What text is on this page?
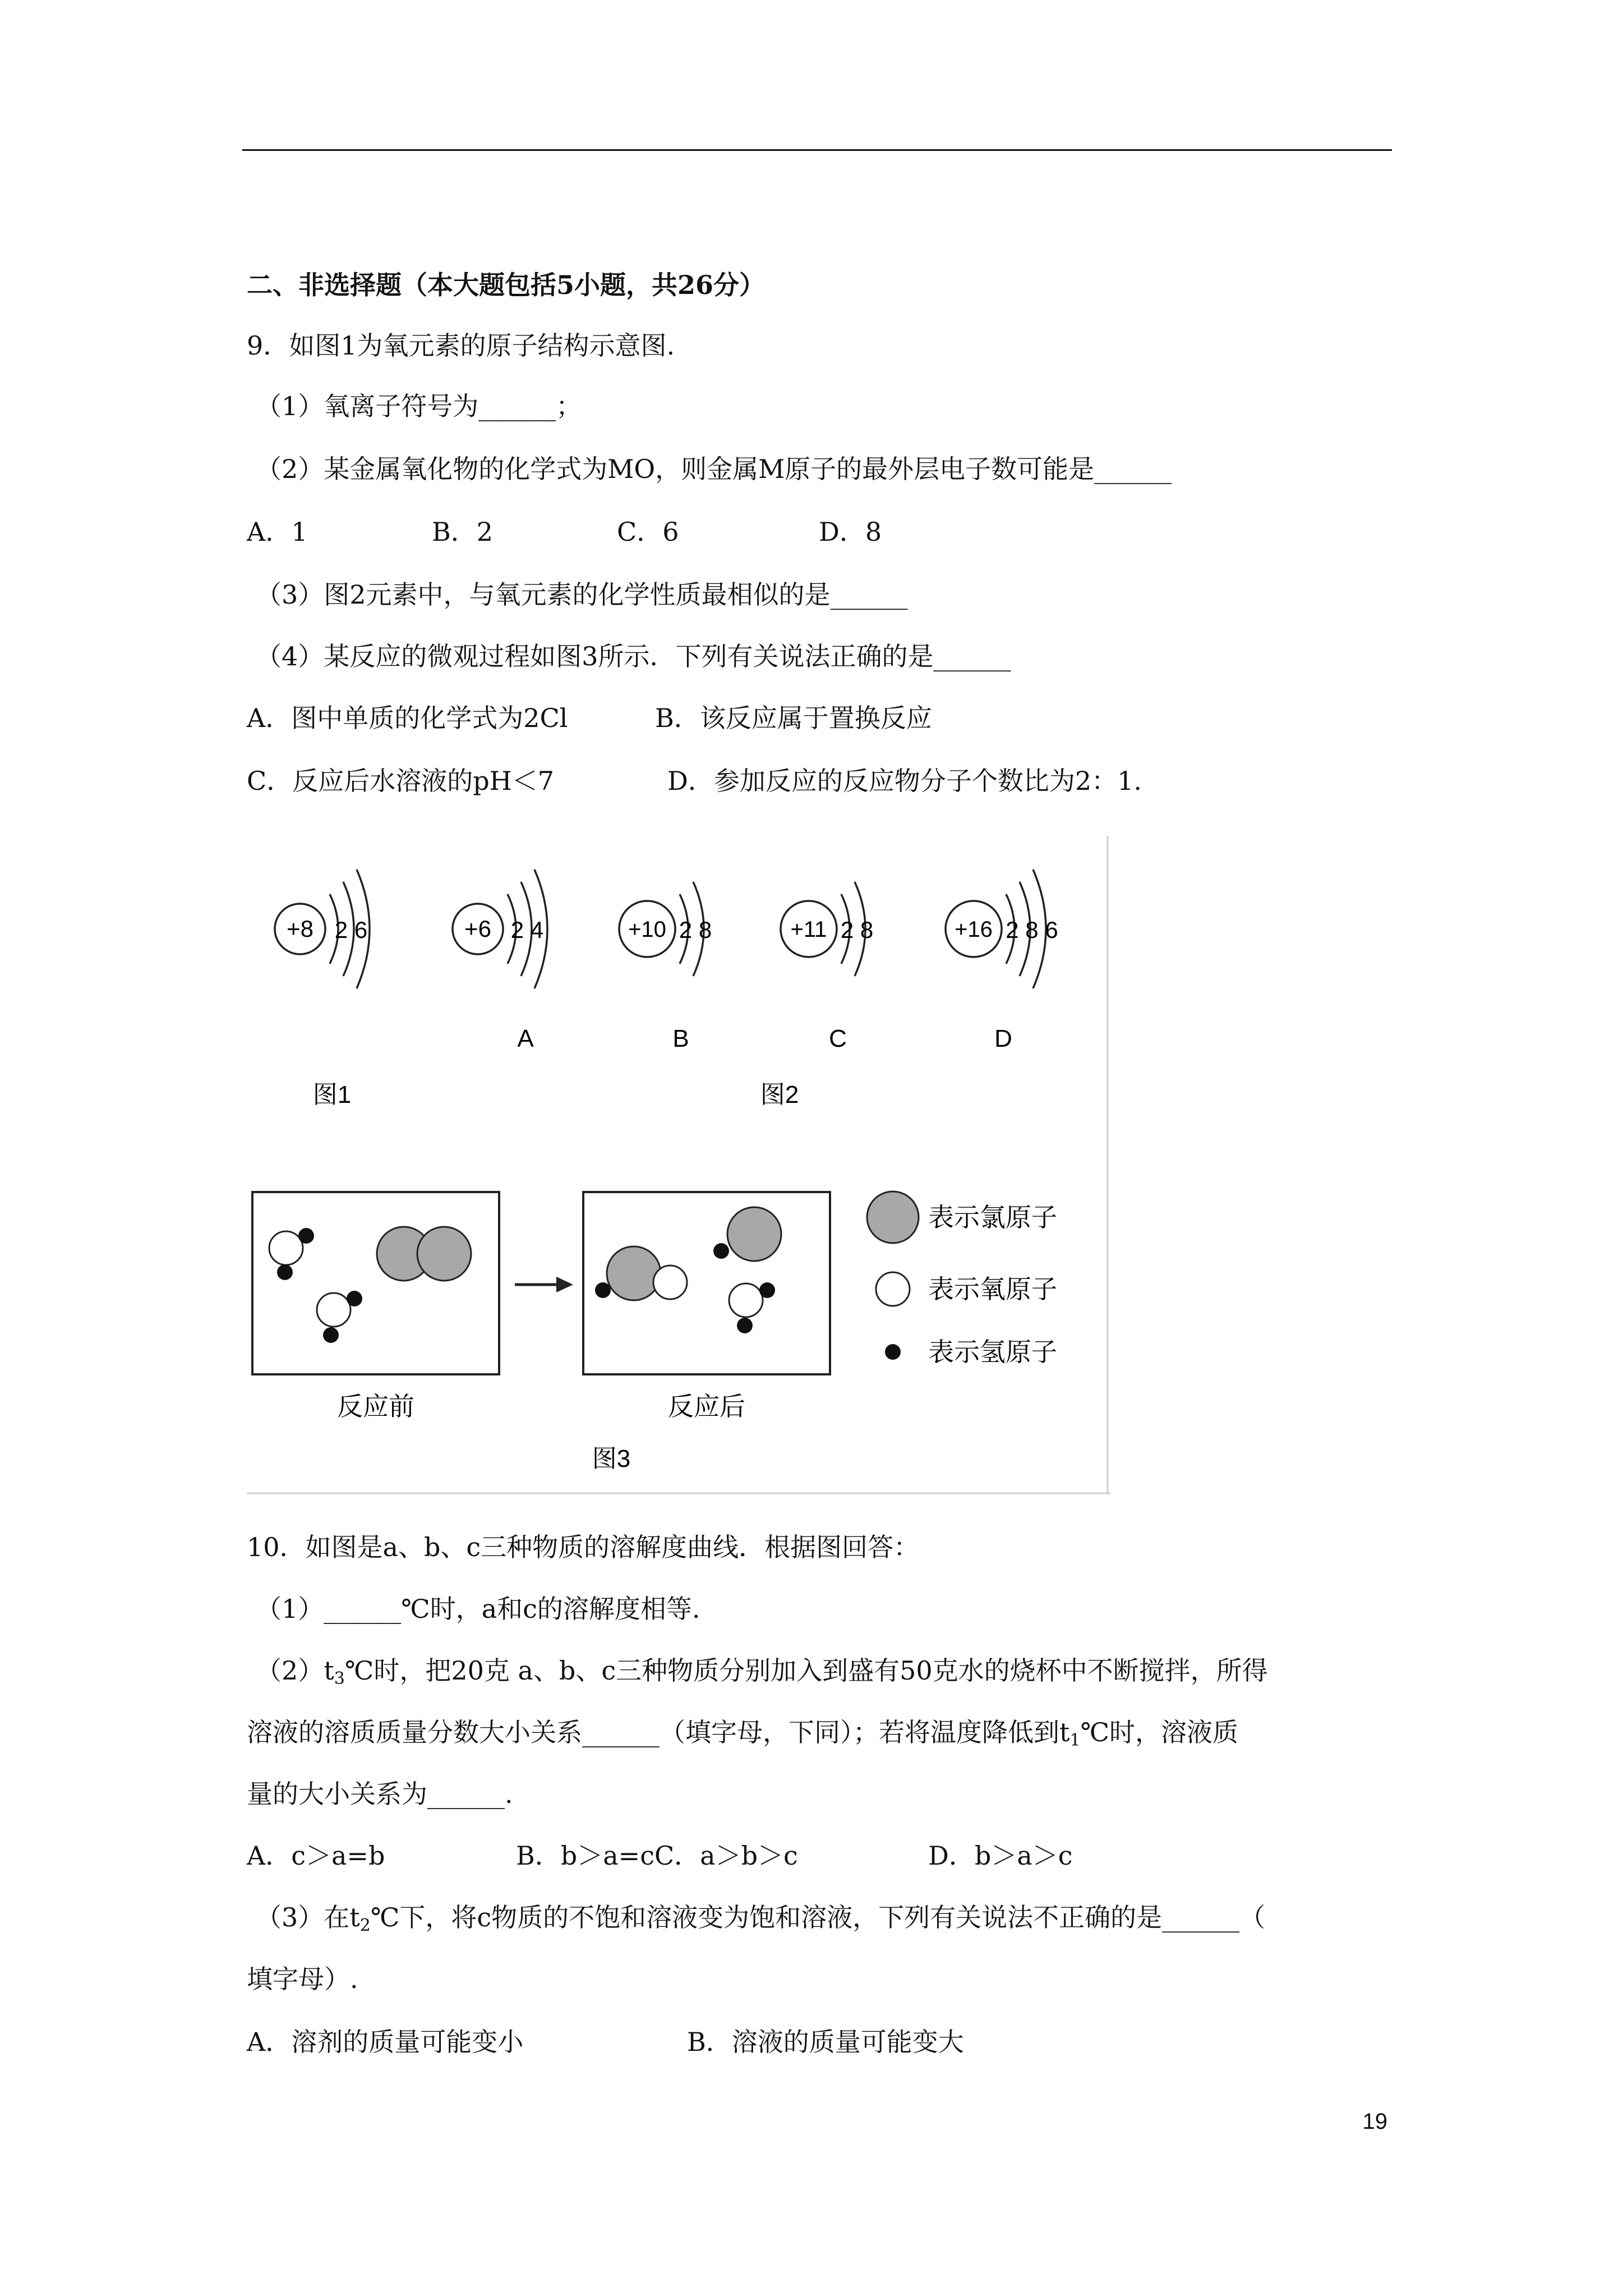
二、非选择题（本大题包括5小题，共26分）
9．如图1为氧元素的原子结构示意图.
（1）氧离子符号为______；
（2）某金属氧化物的化学式为MO，则金属M原子的最外层电子数可能是______
A．1	B．2	C．6	D．8
（3）图2元素中，与氧元素的化学性质最相似的是______
（4）某反应的微观过程如图3所示．下列有关说法正确的是______
A．图中单质的化学式为2Cl	B．该反应属于置换反应
C．反应后水溶液的pH＜7	D．参加反应的反应物分子个数比为2：1.
+8 2 6	+6 2 4	+10 2 8	+11 2 8	+16 2 8 6
A	B	C	D
图1	图2
反应前	反应后
图3
表示氯原子
表示氧原子
表示氢原子
10．如图是a、b、c三种物质的溶解度曲线．根据图回答：
（1）______℃时，a和c的溶解度相等.
$(2)t_3℃$时，把20克 a、b、c三种物质分别加入到盛有50克水的烧杯中不断搅拌，所得
溶液的溶质质量分数大小关系______（填字母，下同）；若将温度降低到$t_1℃$时，溶液质
量的大小关系为______.
A．c＞a=b	B．b＞a=cC．a＞b＞c	D．b＞a＞c
（3）在$t_2℃$下，将c物质的不饱和溶液变为饱和溶液，下列有关说法不正确的是______（
填字母）.
A．溶剂的质量可能变小	B．溶液的质量可能变大
19
